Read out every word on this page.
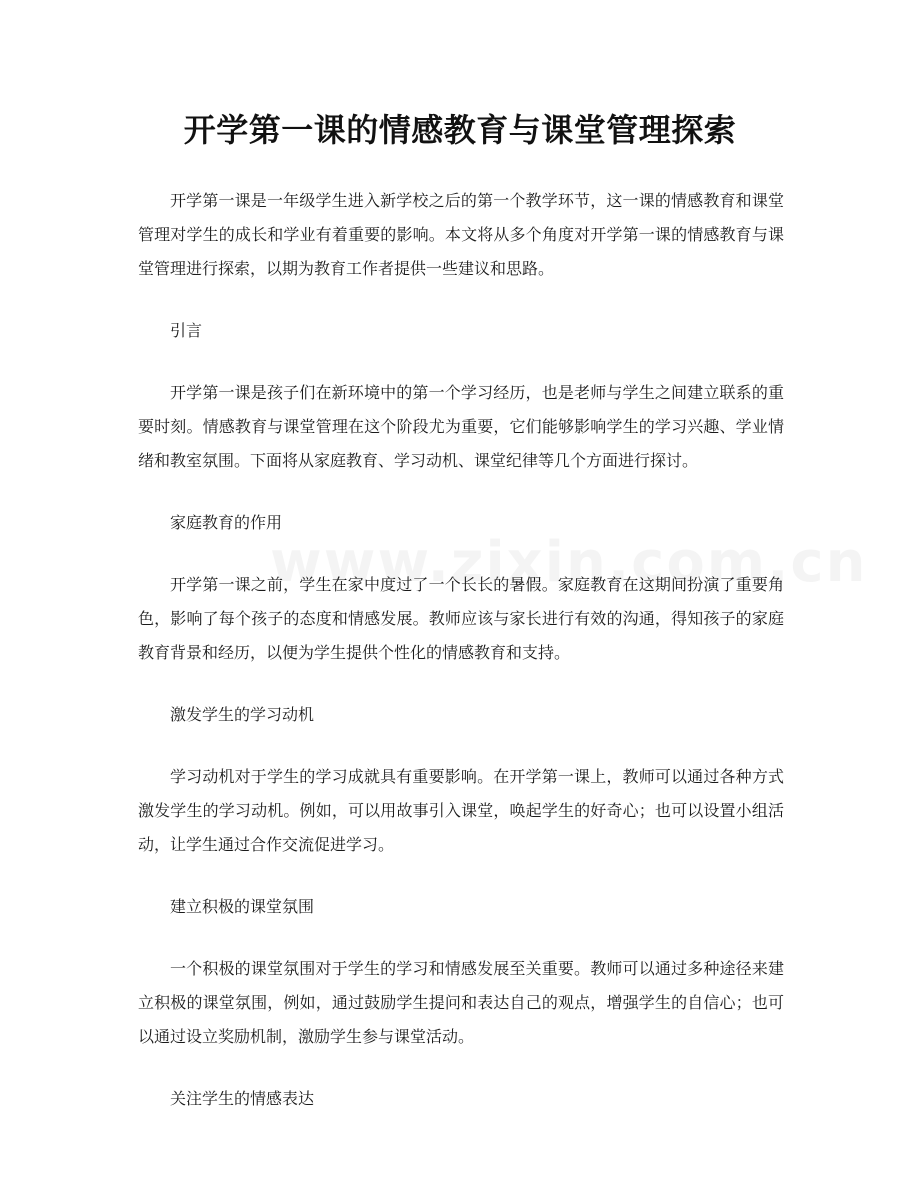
开学第一课的情感教育与课堂管理探索

开学第一课是一年级学生进入新学校之后的第一个教学环节，这一课的情感教育和课堂管理对学生的成长和学业有着重要的影响。本文将从多个角度对开学第一课的情感教育与课堂管理进行探索，以期为教育工作者提供一些建议和思路。

引言

开学第一课是孩子们在新环境中的第一个学习经历，也是老师与学生之间建立联系的重要时刻。情感教育与课堂管理在这个阶段尤为重要，它们能够影响学生的学习兴趣、学业情绪和教室氛围。下面将从家庭教育、学习动机、课堂纪律等几个方面进行探讨。

家庭教育的作用

开学第一课之前，学生在家中度过了一个长长的暑假。家庭教育在这期间扮演了重要角色，影响了每个孩子的态度和情感发展。教师应该与家长进行有效的沟通，得知孩子的家庭教育背景和经历，以便为学生提供个性化的情感教育和支持。

激发学生的学习动机

学习动机对于学生的学习成就具有重要影响。在开学第一课上，教师可以通过各种方式激发学生的学习动机。例如，可以用故事引入课堂，唤起学生的好奇心；也可以设置小组活动，让学生通过合作交流促进学习。

建立积极的课堂氛围

一个积极的课堂氛围对于学生的学习和情感发展至关重要。教师可以通过多种途径来建立积极的课堂氛围，例如，通过鼓励学生提问和表达自己的观点，增强学生的自信心；也可以通过设立奖励机制，激励学生参与课堂活动。

关注学生的情感表达
